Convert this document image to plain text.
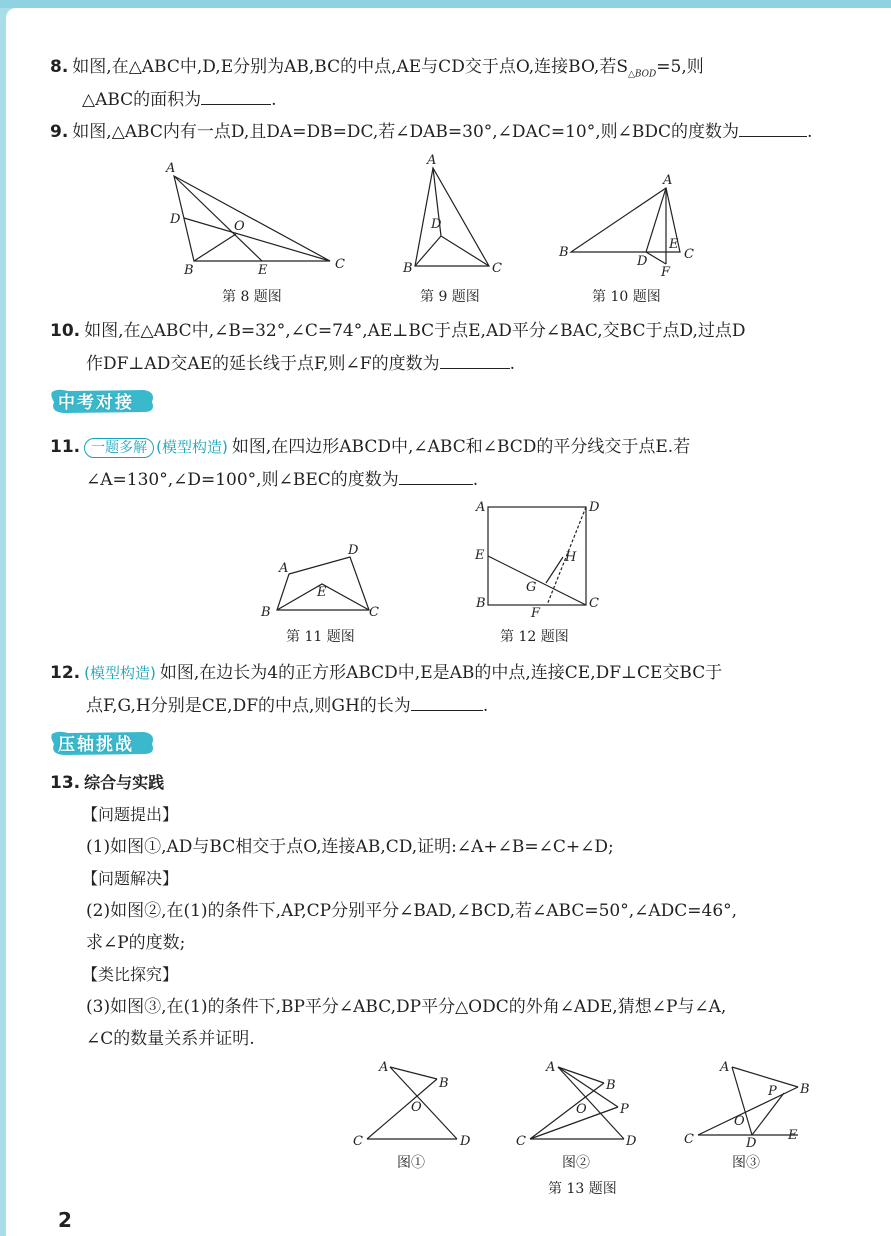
8. 如图,在△ABC中,D,E分别为AB,BC的中点,AE与CD交于点O,连接BO,若$S_{\triangle BOD}=5$,则
△ABC的面积为	.
9. 如图,△ABC内有一点D,且DA=DB=DC,若∠DAB=30°,∠DAC=10°,则∠BDC的度数为	.
A
D	O
B	E	C
第 8 题图
A
D
B	C
第 9 题图
A
B	C
E
D
F
第 10 题图
10. 如图,在△ABC中,∠B=32°,∠C=74°,AE⊥BC于点E,AD平分∠BAC,交BC于点D,过点D
作DF⊥AD交AE的延长线于点F,则∠F的度数为	.
中考对接
11. 一题多解 (模型构造) 如图,在四边形ABCD中,∠ABC和∠BCD的平分线交于点E.若
∠A=130°,∠D=100°,则∠BEC的度数为	.
A
D
E
B	C
第 11 题图
A	D
E	H
G
B
F
C
第 12 题图
12. (模型构造) 如图,在边长为4的正方形ABCD中,E是AB的中点,连接CE,DF⊥CE交BC于
点F,G,H分别是CE,DF的中点,则GH的长为	.
压轴挑战
13. 综合与实践
【问题提出】
(1)如图①,AD与BC相交于点O,连接AB,CD,证明:∠A+∠B=∠C+∠D;
【问题解决】
(2)如图②,在(1)的条件下,AP,CP分别平分∠BAD,∠BCD,若∠ABC=50°,∠ADC=46°,
求∠P的度数;
【类比探究】
(3)如图③,在(1)的条件下,BP平分∠ABC,DP平分△ODC的外角∠ADE,猜想∠P与∠A,
∠C的数量关系并证明.
A
B
O
C	D
图①
A
B
O	P
C	D
图②
A
B
P
O
C	D
E
图③
第 13 题图
2
